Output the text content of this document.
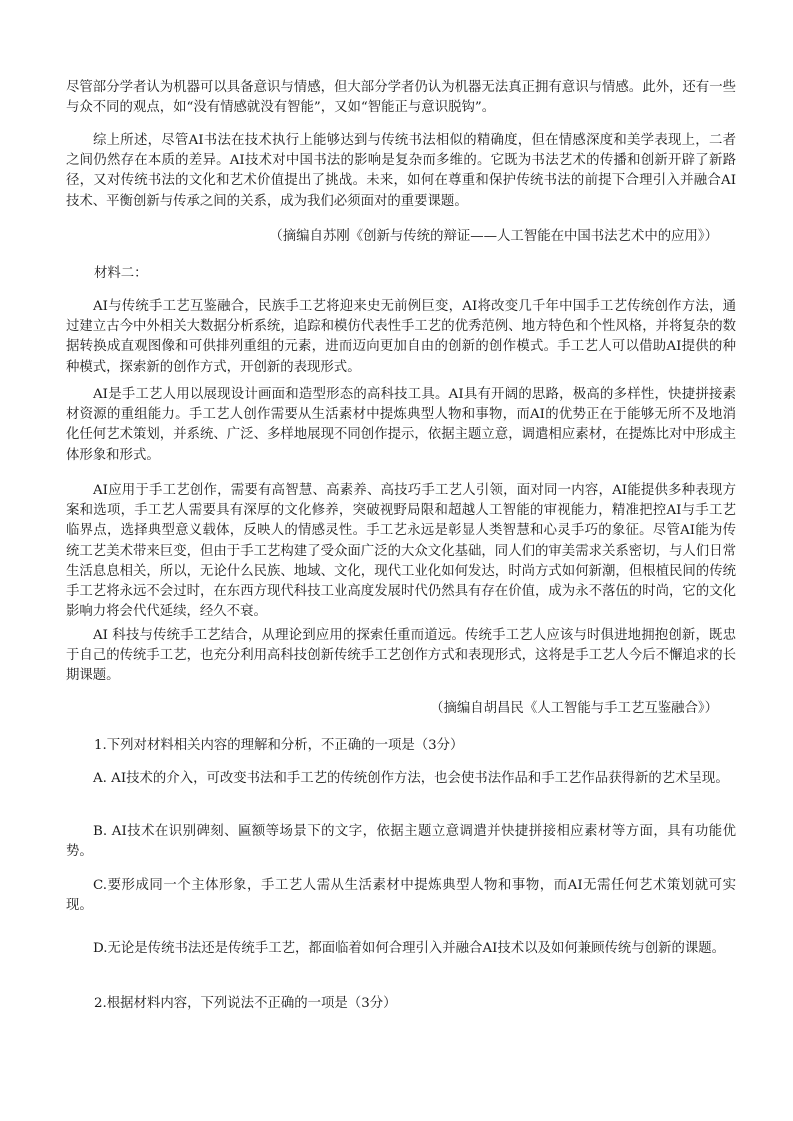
尽管部分学者认为机器可以具备意识与情感，但大部分学者仍认为机器无法真正拥有意识与情感。此外，还有一些与众不同的观点，如“没有情感就没有智能”，又如“智能正与意识脱钩”。

综上所述，尽管AI书法在技术执行上能够达到与传统书法相似的精确度，但在情感深度和美学表现上，二者之间仍然存在本质的差异。AI技术对中国书法的影响是复杂而多维的。它既为书法艺术的传播和创新开辟了新路径，又对传统书法的文化和艺术价值提出了挑战。未来，如何在尊重和保护传统书法的前提下合理引入并融合AI技术、平衡创新与传承之间的关系，成为我们必须面对的重要课题。

（摘编自苏刚《创新与传统的辩证——人工智能在中国书法艺术中的应用》）

材料二：

AI与传统手工艺互鉴融合，民族手工艺将迎来史无前例巨变，AI将改变几千年中国手工艺传统创作方法，通过建立古今中外相关大数据分析系统，追踪和模仿代表性手工艺的优秀范例、地方特色和个性风格，并将复杂的数据转换成直观图像和可供排列重组的元素，进而迈向更加自由的创新的创作模式。手工艺人可以借助AI提供的种种模式，探索新的创作方式，开创新的表现形式。

AI是手工艺人用以展现设计画面和造型形态的高科技工具。AI具有开阔的思路，极高的多样性，快捷拼接素材资源的重组能力。手工艺人创作需要从生活素材中提炼典型人物和事物，而AI的优势正在于能够无所不及地消化任何艺术策划，并系统、广泛、多样地展现不同创作提示，依据主题立意，调遣相应素材，在提炼比对中形成主体形象和形式。

AI应用于手工艺创作，需要有高智慧、高素养、高技巧手工艺人引领，面对同一内容，AI能提供多种表现方案和选项，手工艺人需要具有深厚的文化修养，突破视野局限和超越人工智能的审视能力，精准把控AI与手工艺临界点，选择典型意义载体，反映人的情感灵性。手工艺永远是彰显人类智慧和心灵手巧的象征。尽管AI能为传统工艺美术带来巨变，但由于手工艺构建了受众面广泛的大众文化基础，同人们的审美需求关系密切，与人们日常生活息息相关，所以，无论什么民族、地域、文化，现代工业化如何发达，时尚方式如何新潮，但根植民间的传统手工艺将永远不会过时，在东西方现代科技工业高度发展时代仍然具有存在价值，成为永不落伍的时尚，它的文化影响力将会代代延续，经久不衰。

AI 科技与传统手工艺结合，从理论到应用的探索任重而道远。传统手工艺人应该与时俱进地拥抱创新，既忠于自己的传统手工艺，也充分利用高科技创新传统手工艺创作方式和表现形式，这将是手工艺人今后不懈追求的长期课题。

（摘编自胡昌民《人工智能与手工艺互鉴融合》）

1.下列对材料相关内容的理解和分析，不正确的一项是（3分）

A. AI技术的介入，可改变书法和手工艺的传统创作方法，也会使书法作品和手工艺作品获得新的艺术呈现。

B. AI技术在识别碑刻、匾额等场景下的文字，依据主题立意调遣并快捷拼接相应素材等方面，具有功能优势。

C.要形成同一个主体形象，手工艺人需从生活素材中提炼典型人物和事物，而AI无需任何艺术策划就可实现。

D.无论是传统书法还是传统手工艺，都面临着如何合理引入并融合AI技术以及如何兼顾传统与创新的课题。

2.根据材料内容，下列说法不正确的一项是（3分）
